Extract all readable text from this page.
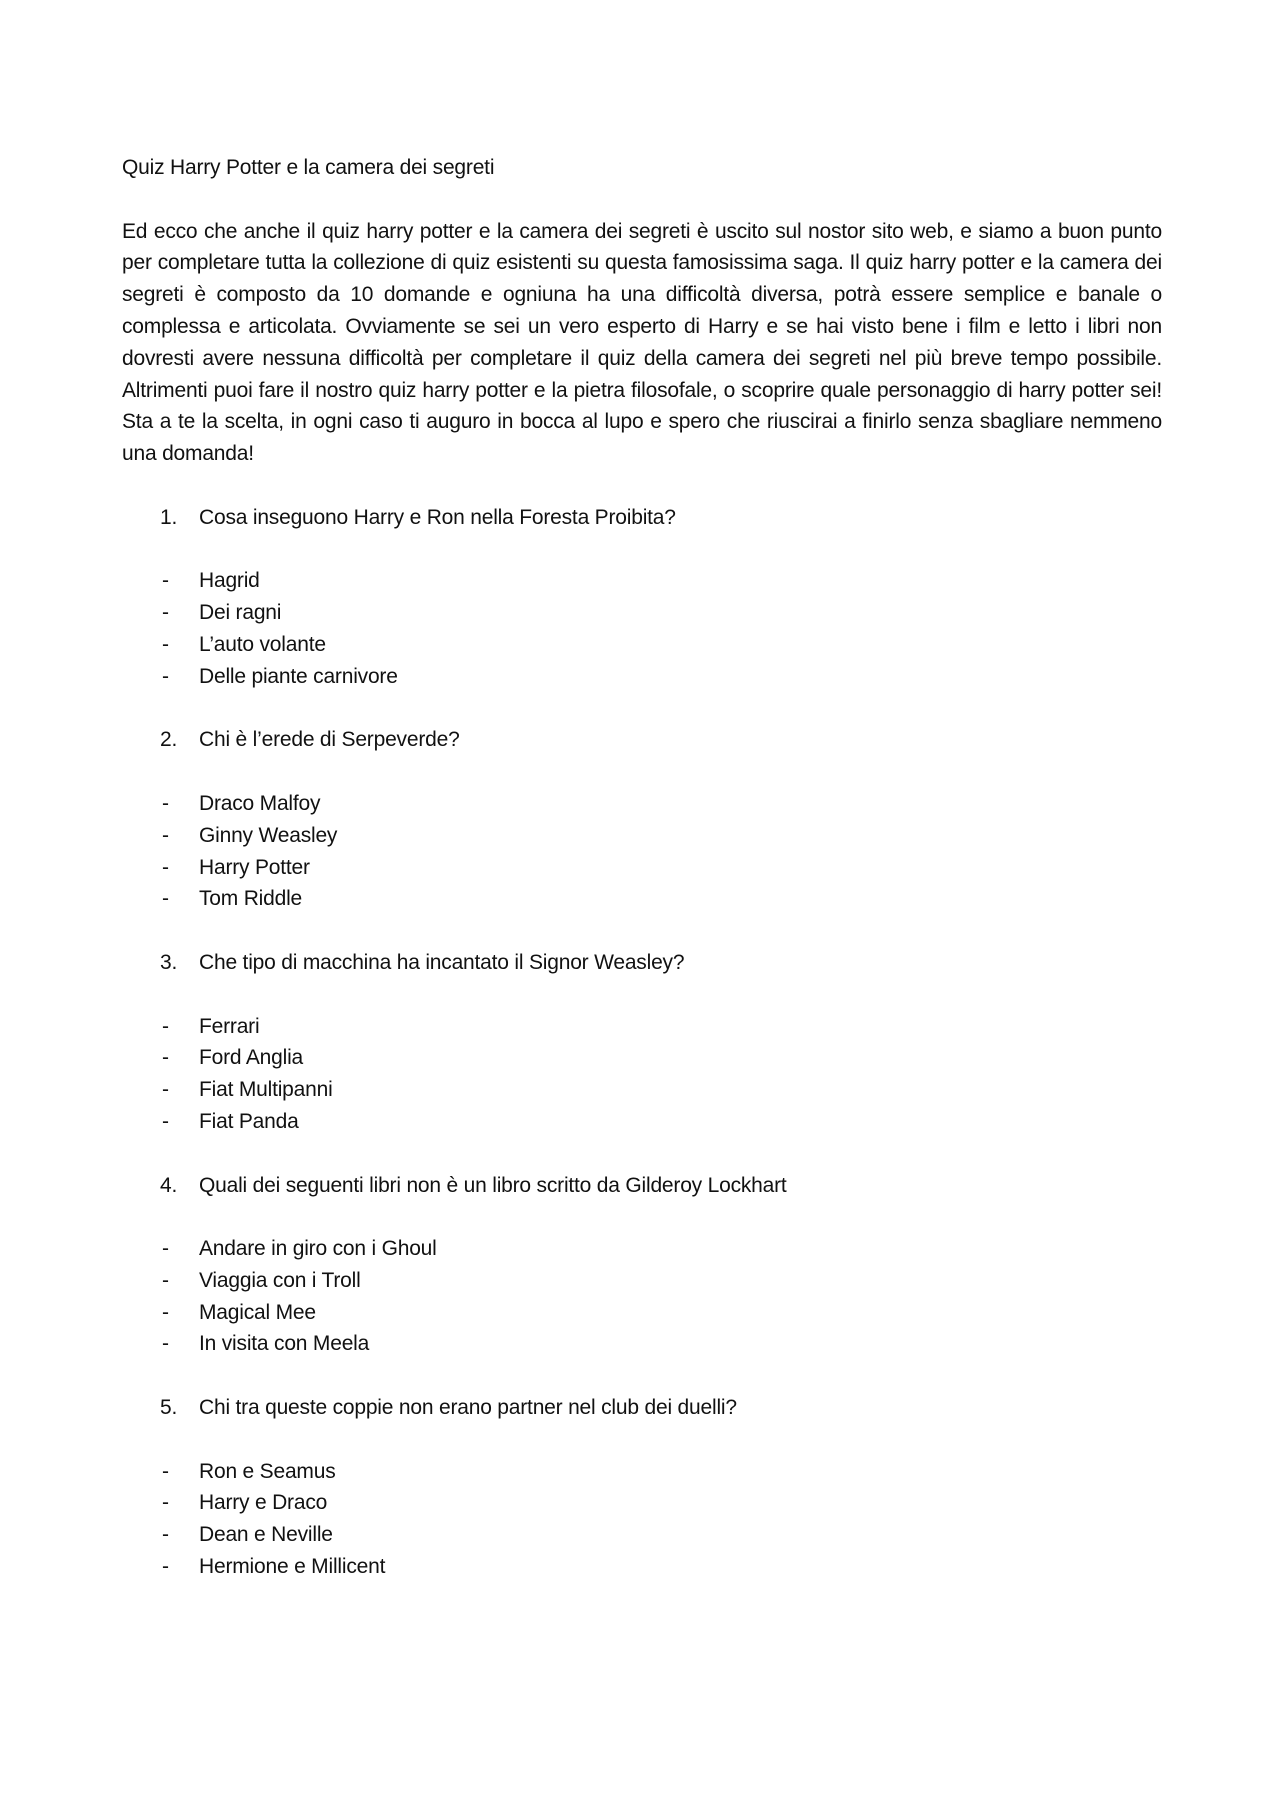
Quiz Harry Potter e la camera dei segreti

Ed ecco che anche il quiz harry potter e la camera dei segreti è uscito sul nostor sito web, e siamo a buon punto per completare tutta la collezione di quiz esistenti su questa famosissima saga. Il quiz harry potter e la camera dei segreti è composto da 10 domande e ogniuna ha una difficoltà diversa, potrà essere semplice e banale o complessa e articolata. Ovviamente se sei un vero esperto di Harry e se hai visto bene i film e letto i libri non dovresti avere nessuna difficoltà per completare il quiz della camera dei segreti nel più breve tempo possibile. Altrimenti puoi fare il nostro quiz harry potter e la pietra filosofale, o scoprire quale personaggio di harry potter sei! Sta a te la scelta, in ogni caso ti auguro in bocca al lupo e spero che riuscirai a finirlo senza sbagliare nemmeno una domanda!

1. Cosa inseguono Harry e Ron nella Foresta Proibita?
- Hagrid
- Dei ragni
- L’auto volante
- Delle piante carnivore
2. Chi è l’erede di Serpeverde?
- Draco Malfoy
- Ginny Weasley
- Harry Potter
- Tom Riddle
3. Che tipo di macchina ha incantato il Signor Weasley?
- Ferrari
- Ford Anglia
- Fiat Multipanni
- Fiat Panda
4. Quali dei seguenti libri non è un libro scritto da Gilderoy Lockhart
- Andare in giro con i Ghoul
- Viaggia con i Troll
- Magical Mee
- In visita con Meela
5. Chi tra queste coppie non erano partner nel club dei duelli?
- Ron e Seamus
- Harry e Draco
- Dean e Neville
- Hermione e Millicent
